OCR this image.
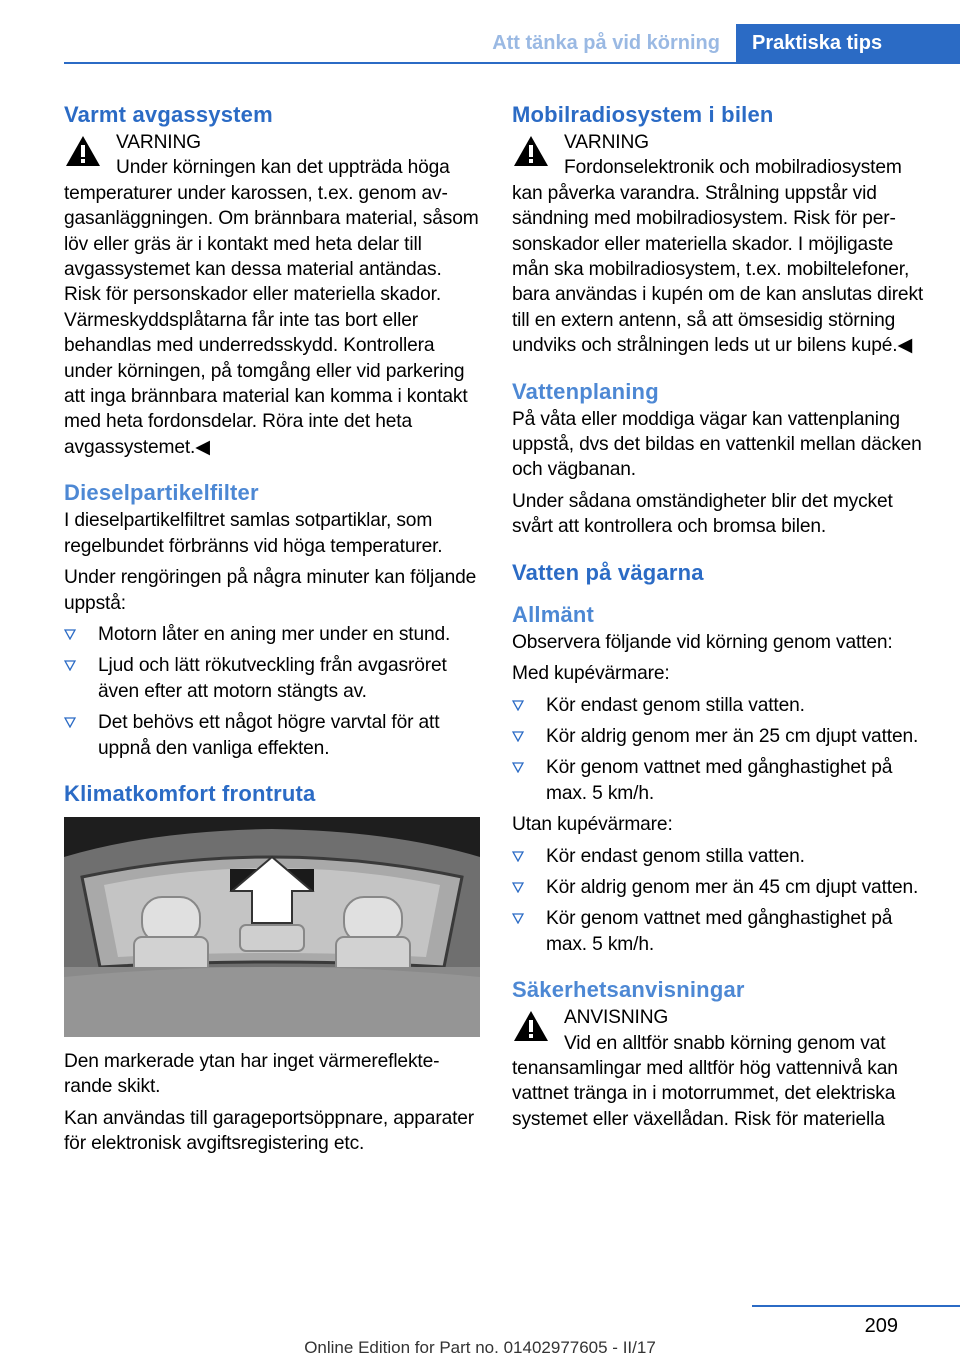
Att tänka på vid körning	Praktiska tips
Varmt avgassystem

VARNING

Under körningen kan det uppträda höga

temperaturer under karossen, t.ex. genom avgasanläggningen. Om brännbara material, såsom löv eller gräs är i kontakt med heta delar till avgassystemet kan dessa material antändas. Risk för personskador eller materiella skador. Värmeskyddsplåtarna får inte tas bort eller behandlas med underredsskydd. Kontrollera under körningen, på tomgång eller vid parkering att inga brännbara material kan komma i kontakt med heta fordonsdelar. Röra inte det heta avgassystemet.◀

Dieselpartikelfilter

I dieselpartikelfiltret samlas sotpartiklar, som regelbundet förbränns vid höga temperaturer.

Under rengöringen på några minuter kan följande uppstå:

Motorn låter en aning mer under en stund.
Ljud och lätt rökutveckling från avgasröret även efter att motorn stängts av.
Det behövs ett något högre varvtal för att uppnå den vanliga effekten.
Klimatkomfort frontruta

Den markerade ytan har inget värmereflekterande skikt.

Kan användas till garageportsöppnare, apparater för elektronisk avgiftsregistering etc.

Mobilradiosystem i bilen

VARNING

Fordonselektronik och mobilradiosystem

kan påverka varandra. Strålning uppstår vid sändning med mobilradiosystem. Risk för personskador eller materiella skador. I möjligaste mån ska mobilradiosystem, t.ex. mobiltelefoner, bara användas i kupén om de kan anslutas direkt till en extern antenn, så att ömsesidig störning undviks och strålningen leds ut ur bilens kupé.◀

Vattenplaning

På våta eller moddiga vägar kan vattenplaning uppstå, dvs det bildas en vattenkil mellan däcken och vägbanan.

Under sådana omständigheter blir det mycket svårt att kontrollera och bromsa bilen.

Vatten på vägarna
Allmänt

Observera följande vid körning genom vatten:

Med kupévärmare:

Kör endast genom stilla vatten.
Kör aldrig genom mer än 25 cm djupt vatten.
Kör genom vattnet med gånghastighet på max. 5 km/h.

Utan kupévärmare:

Kör endast genom stilla vatten.
Kör aldrig genom mer än 45 cm djupt vatten.
Kör genom vattnet med gånghastighet på max. 5 km/h.
Säkerhetsanvisningar

ANVISNING

Vid en alltför snabb körning genom vat

tenansamlingar med alltför hög vattennivå kan vattnet tränga in i motorrummet, det elektriska systemet eller växellådan. Risk för materiella

209
Online Edition for Part no. 01402977605 - II/17
